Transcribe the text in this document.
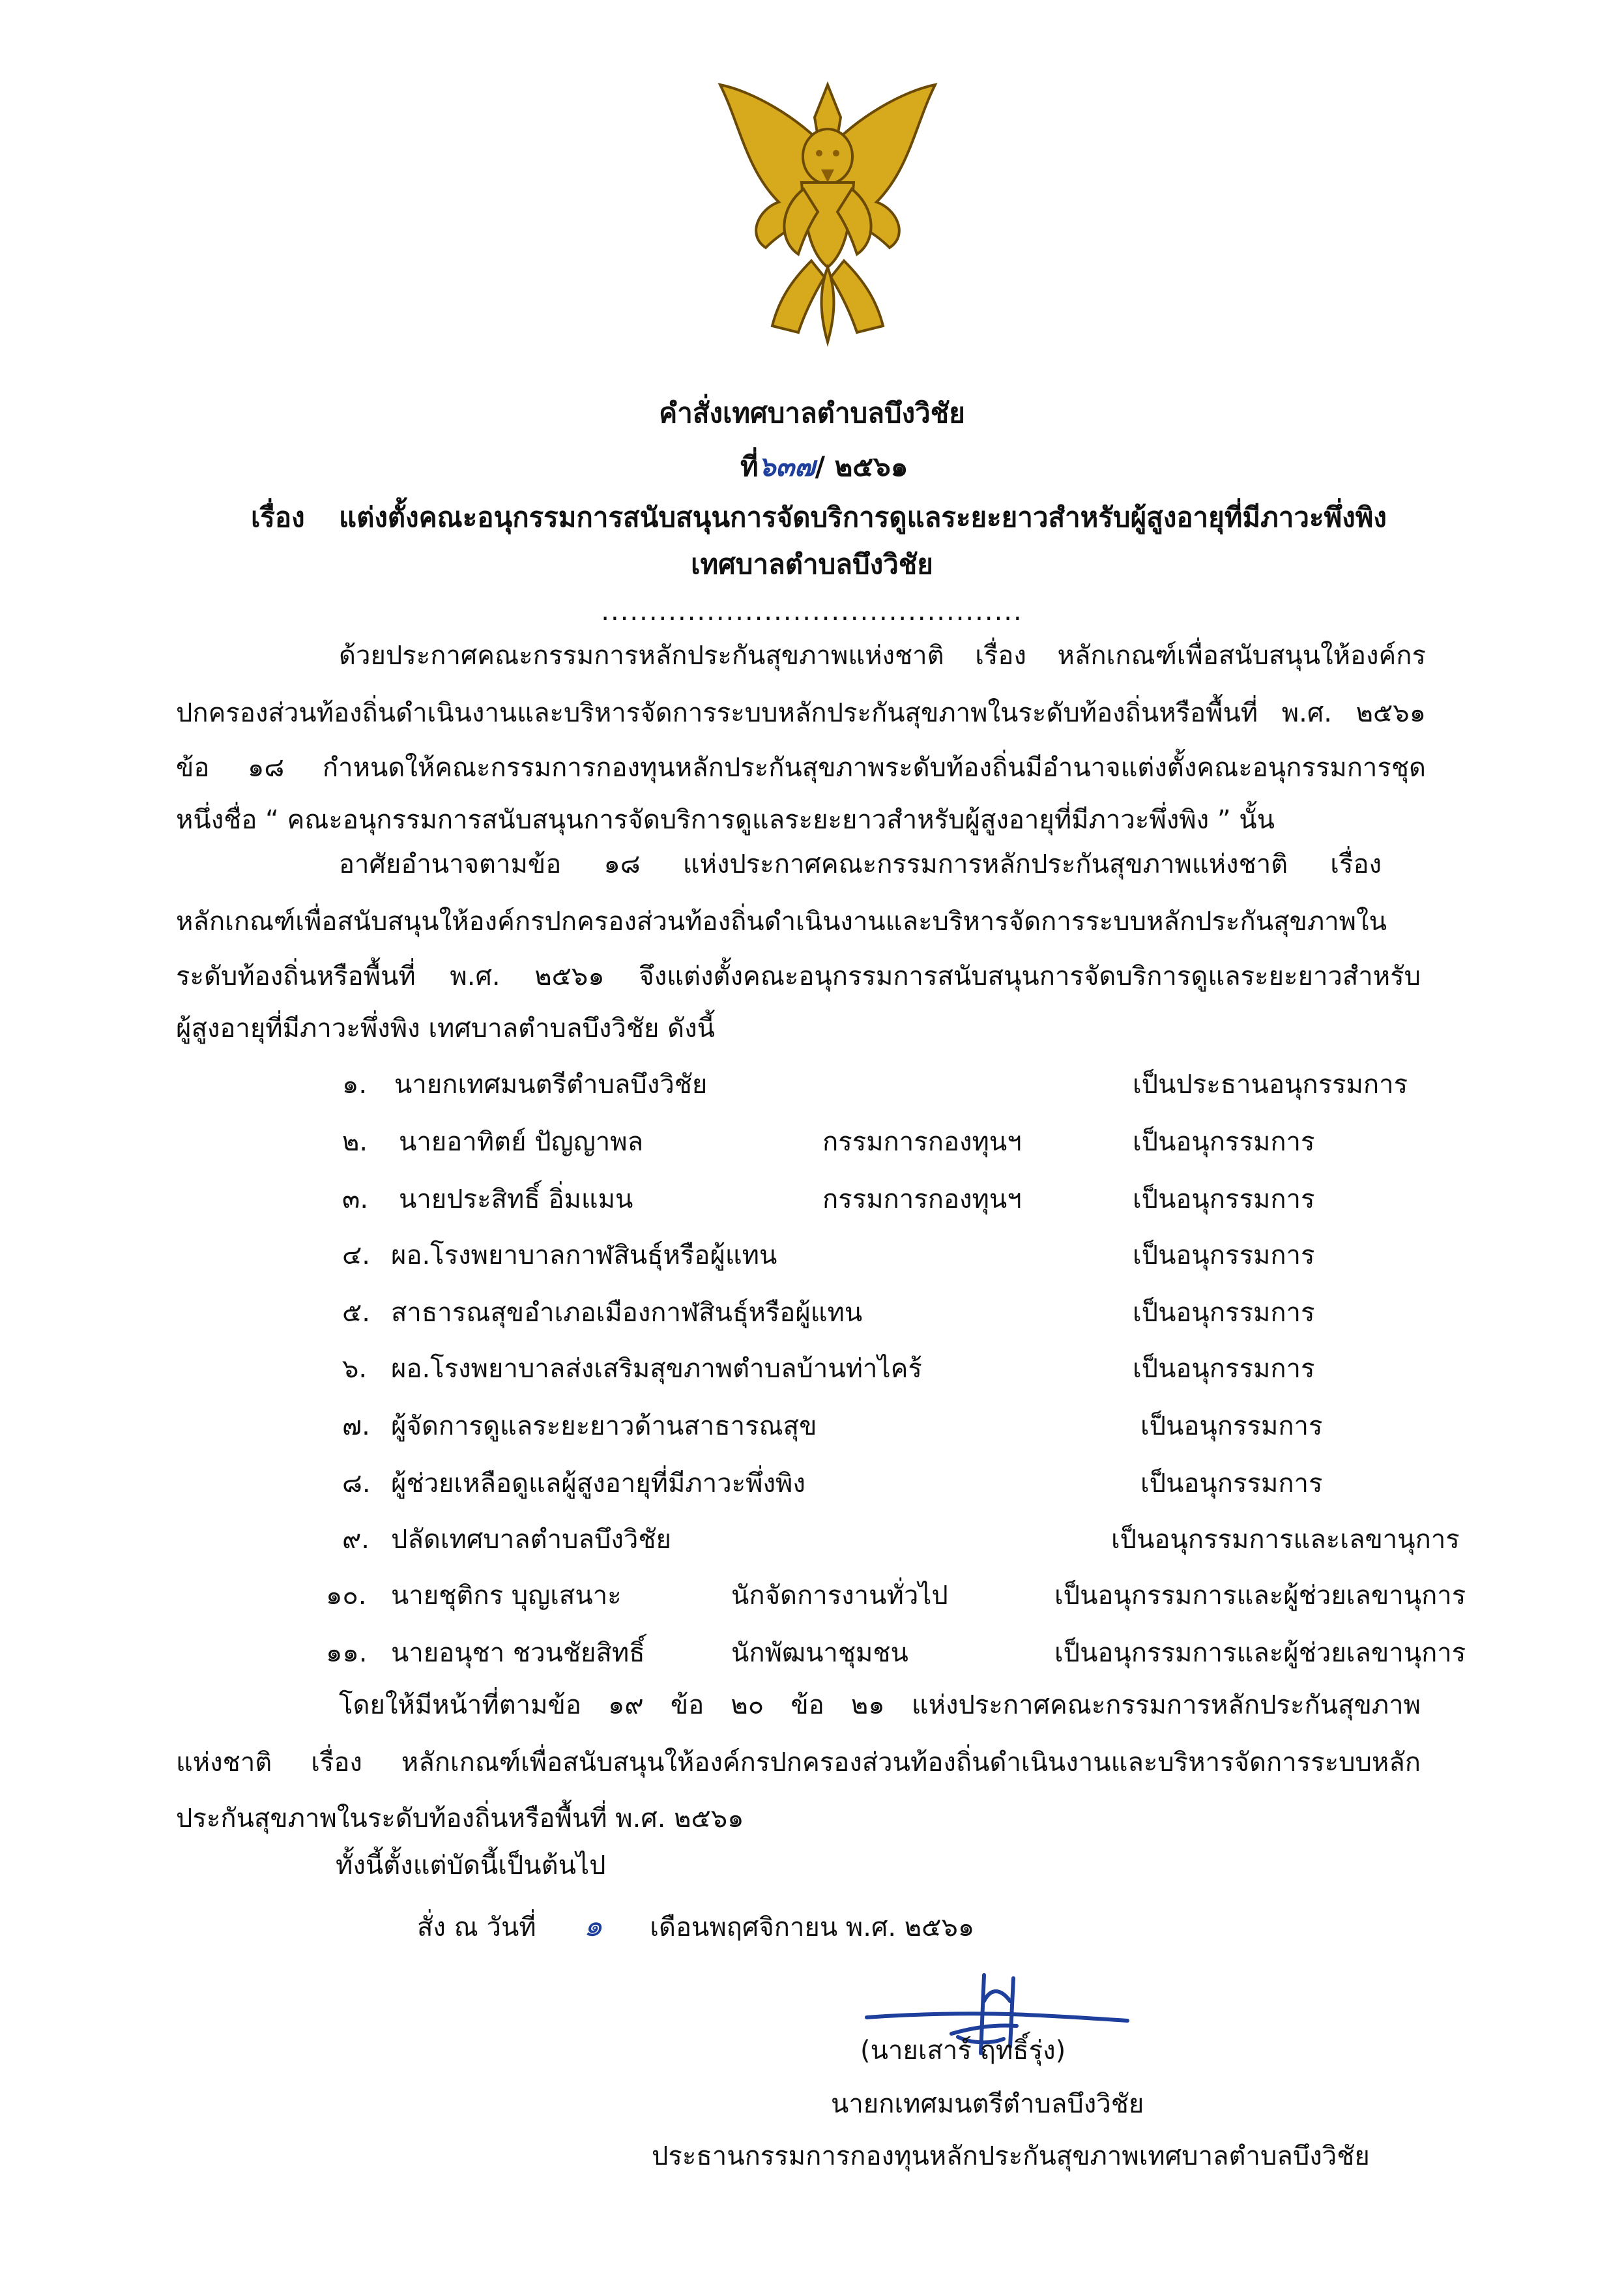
คำสั่งเทศบาลตำบลบึงวิชัย
ที่๖๓๗/ ๒๕๖๑
เรื่อง แต่งตั้งคณะอนุกรรมการสนับสนุนการจัดบริการดูแลระยะยาวสำหรับผู้สูงอายุที่มีภาวะพึ่งพิง
เทศบาลตำบลบึงวิชัย
............................................
ด้วยประกาศคณะกรรมการหลักประกันสุขภาพแห่งชาติ เรื่อง หลักเกณฑ์เพื่อสนับสนุนให้องค์กร
ปกครองส่วนท้องถิ่นดำเนินงานและบริหารจัดการระบบหลักประกันสุขภาพในระดับท้องถิ่นหรือพื้นที่ พ.ศ. ๒๕๖๑
ข้อ ๑๘ กำหนดให้คณะกรรมการกองทุนหลักประกันสุขภาพระดับท้องถิ่นมีอำนาจแต่งตั้งคณะอนุกรรมการชุด
หนึ่งชื่อ “ คณะอนุกรรมการสนับสนุนการจัดบริการดูแลระยะยาวสำหรับผู้สูงอายุที่มีภาวะพึ่งพิง ” นั้น
อาศัยอำนาจตามข้อ ๑๘ แห่งประกาศคณะกรรมการหลักประกันสุขภาพแห่งชาติ เรื่อง
หลักเกณฑ์เพื่อสนับสนุนให้องค์กรปกครองส่วนท้องถิ่นดำเนินงานและบริหารจัดการระบบหลักประกันสุขภาพใน
ระดับท้องถิ่นหรือพื้นที่ พ.ศ. ๒๕๖๑ จึงแต่งตั้งคณะอนุกรรมการสนับสนุนการจัดบริการดูแลระยะยาวสำหรับ
ผู้สูงอายุที่มีภาวะพึ่งพิง เทศบาลตำบลบึงวิชัย ดังนี้
๑. นายกเทศมนตรีตำบลบึงวิชัย	เป็นประธานอนุกรรมการ
๒. นายอาทิตย์ ปัญญาพล	กรรมการกองทุนฯ	เป็นอนุกรรมการ
๓. นายประสิทธิ์ อิ่มแมน	กรรมการกองทุนฯ	เป็นอนุกรรมการ
๔. ผอ.โรงพยาบาลกาฬสินธุ์หรือผู้แทน	เป็นอนุกรรมการ
๕. สาธารณสุขอำเภอเมืองกาฬสินธุ์หรือผู้แทน	เป็นอนุกรรมการ
๖. ผอ.โรงพยาบาลส่งเสริมสุขภาพตำบลบ้านท่าไคร้	เป็นอนุกรรมการ
๗. ผู้จัดการดูแลระยะยาวด้านสาธารณสุข	เป็นอนุกรรมการ
๘. ผู้ช่วยเหลือดูแลผู้สูงอายุที่มีภาวะพึ่งพิง	เป็นอนุกรรมการ
๙. ปลัดเทศบาลตำบลบึงวิชัย	เป็นอนุกรรมการและเลขานุการ
๑๐. นายชุติกร บุญเสนาะ	นักจัดการงานทั่วไป	เป็นอนุกรรมการและผู้ช่วยเลขานุการ
๑๑. นายอนุชา ชวนชัยสิทธิ์	นักพัฒนาชุมชน	เป็นอนุกรรมการและผู้ช่วยเลขานุการ
โดยให้มีหน้าที่ตามข้อ ๑๙ ข้อ ๒๐ ข้อ ๒๑ แห่งประกาศคณะกรรมการหลักประกันสุขภาพ
แห่งชาติ เรื่อง หลักเกณฑ์เพื่อสนับสนุนให้องค์กรปกครองส่วนท้องถิ่นดำเนินงานและบริหารจัดการระบบหลัก
ประกันสุขภาพในระดับท้องถิ่นหรือพื้นที่ พ.ศ. ๒๕๖๑
ทั้งนี้ตั้งแต่บัดนี้เป็นต้นไป
สั่ง ณ วันที่ ๑ เดือนพฤศจิกายน พ.ศ. ๒๕๖๑
(นายเสาร์ ฤทธิ์รุ่ง)
นายกเทศมนตรีตำบลบึงวิชัย
ประธานกรรมการกองทุนหลักประกันสุขภาพเทศบาลตำบลบึงวิชัย
